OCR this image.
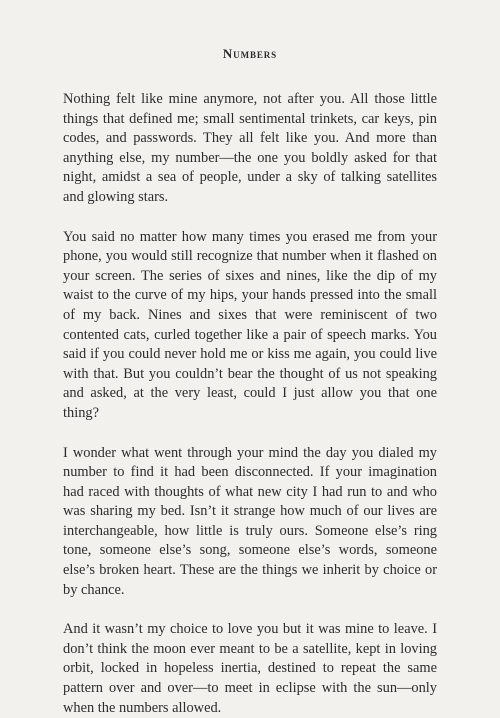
Numbers

Nothing felt like mine anymore, not after you. All those little things that defined me; small sentimental trinkets, car keys, pin codes, and passwords. They all felt like you. And more than anything else, my number—the one you boldly asked for that night, amidst a sea of people, under a sky of talking satellites and glowing stars.

You said no matter how many times you erased me from your phone, you would still recognize that number when it flashed on your screen. The series of sixes and nines, like the dip of my waist to the curve of my hips, your hands pressed into the small of my back. Nines and sixes that were reminiscent of two contented cats, curled together like a pair of speech marks. You said if you could never hold me or kiss me again, you could live with that. But you couldn’t bear the thought of us not speaking and asked, at the very least, could I just allow you that one thing?

I wonder what went through your mind the day you dialed my number to find it had been disconnected. If your imagination had raced with thoughts of what new city I had run to and who was sharing my bed. Isn’t it strange how much of our lives are interchangeable, how little is truly ours. Someone else’s ring tone, someone else’s song, someone else’s words, someone else’s broken heart. These are the things we inherit by choice or by chance.

And it wasn’t my choice to love you but it was mine to leave. I don’t think the moon ever meant to be a satellite, kept in loving orbit, locked in hopeless inertia, destined to repeat the same pattern over and over—to meet in eclipse with the sun—only when the numbers allowed.
